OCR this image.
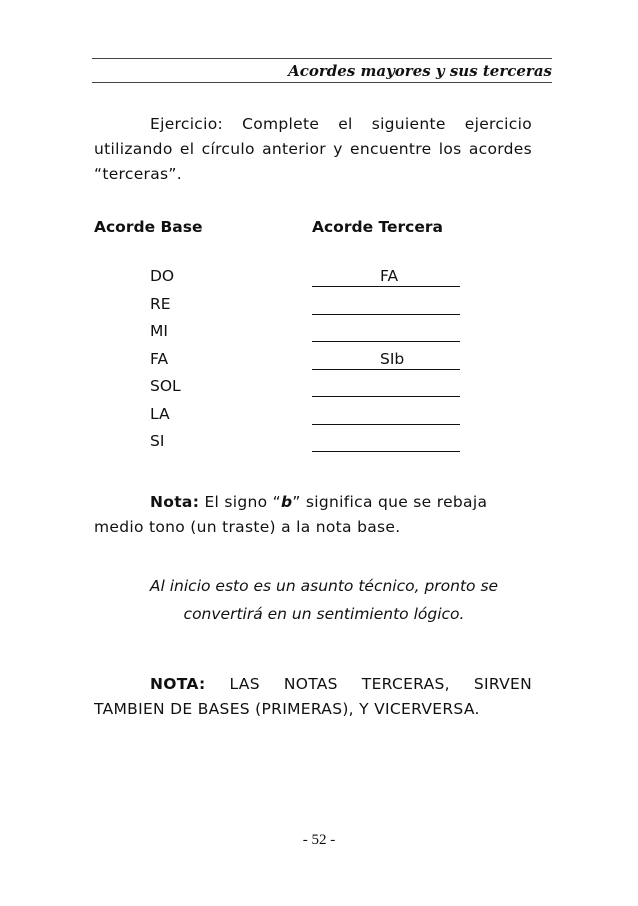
Acordes mayores y sus terceras
Ejercicio: Complete el siguiente ejercicio utilizando el círculo anterior y encuentre los acordes “terceras”.
Acorde Base	Acorde Tercera
DO	FA
RE
MI
FA	SIb
SOL
LA
SI
Nota: El signo “b” significa que se rebaja medio tono (un traste) a la nota base.
Al inicio esto es un asunto técnico, pronto se
convertirá en un sentimiento lógico.
NOTA: LAS NOTAS TERCERAS, SIRVEN TAMBIEN DE BASES (PRIMERAS), Y VICERVERSA.
- 52 -
